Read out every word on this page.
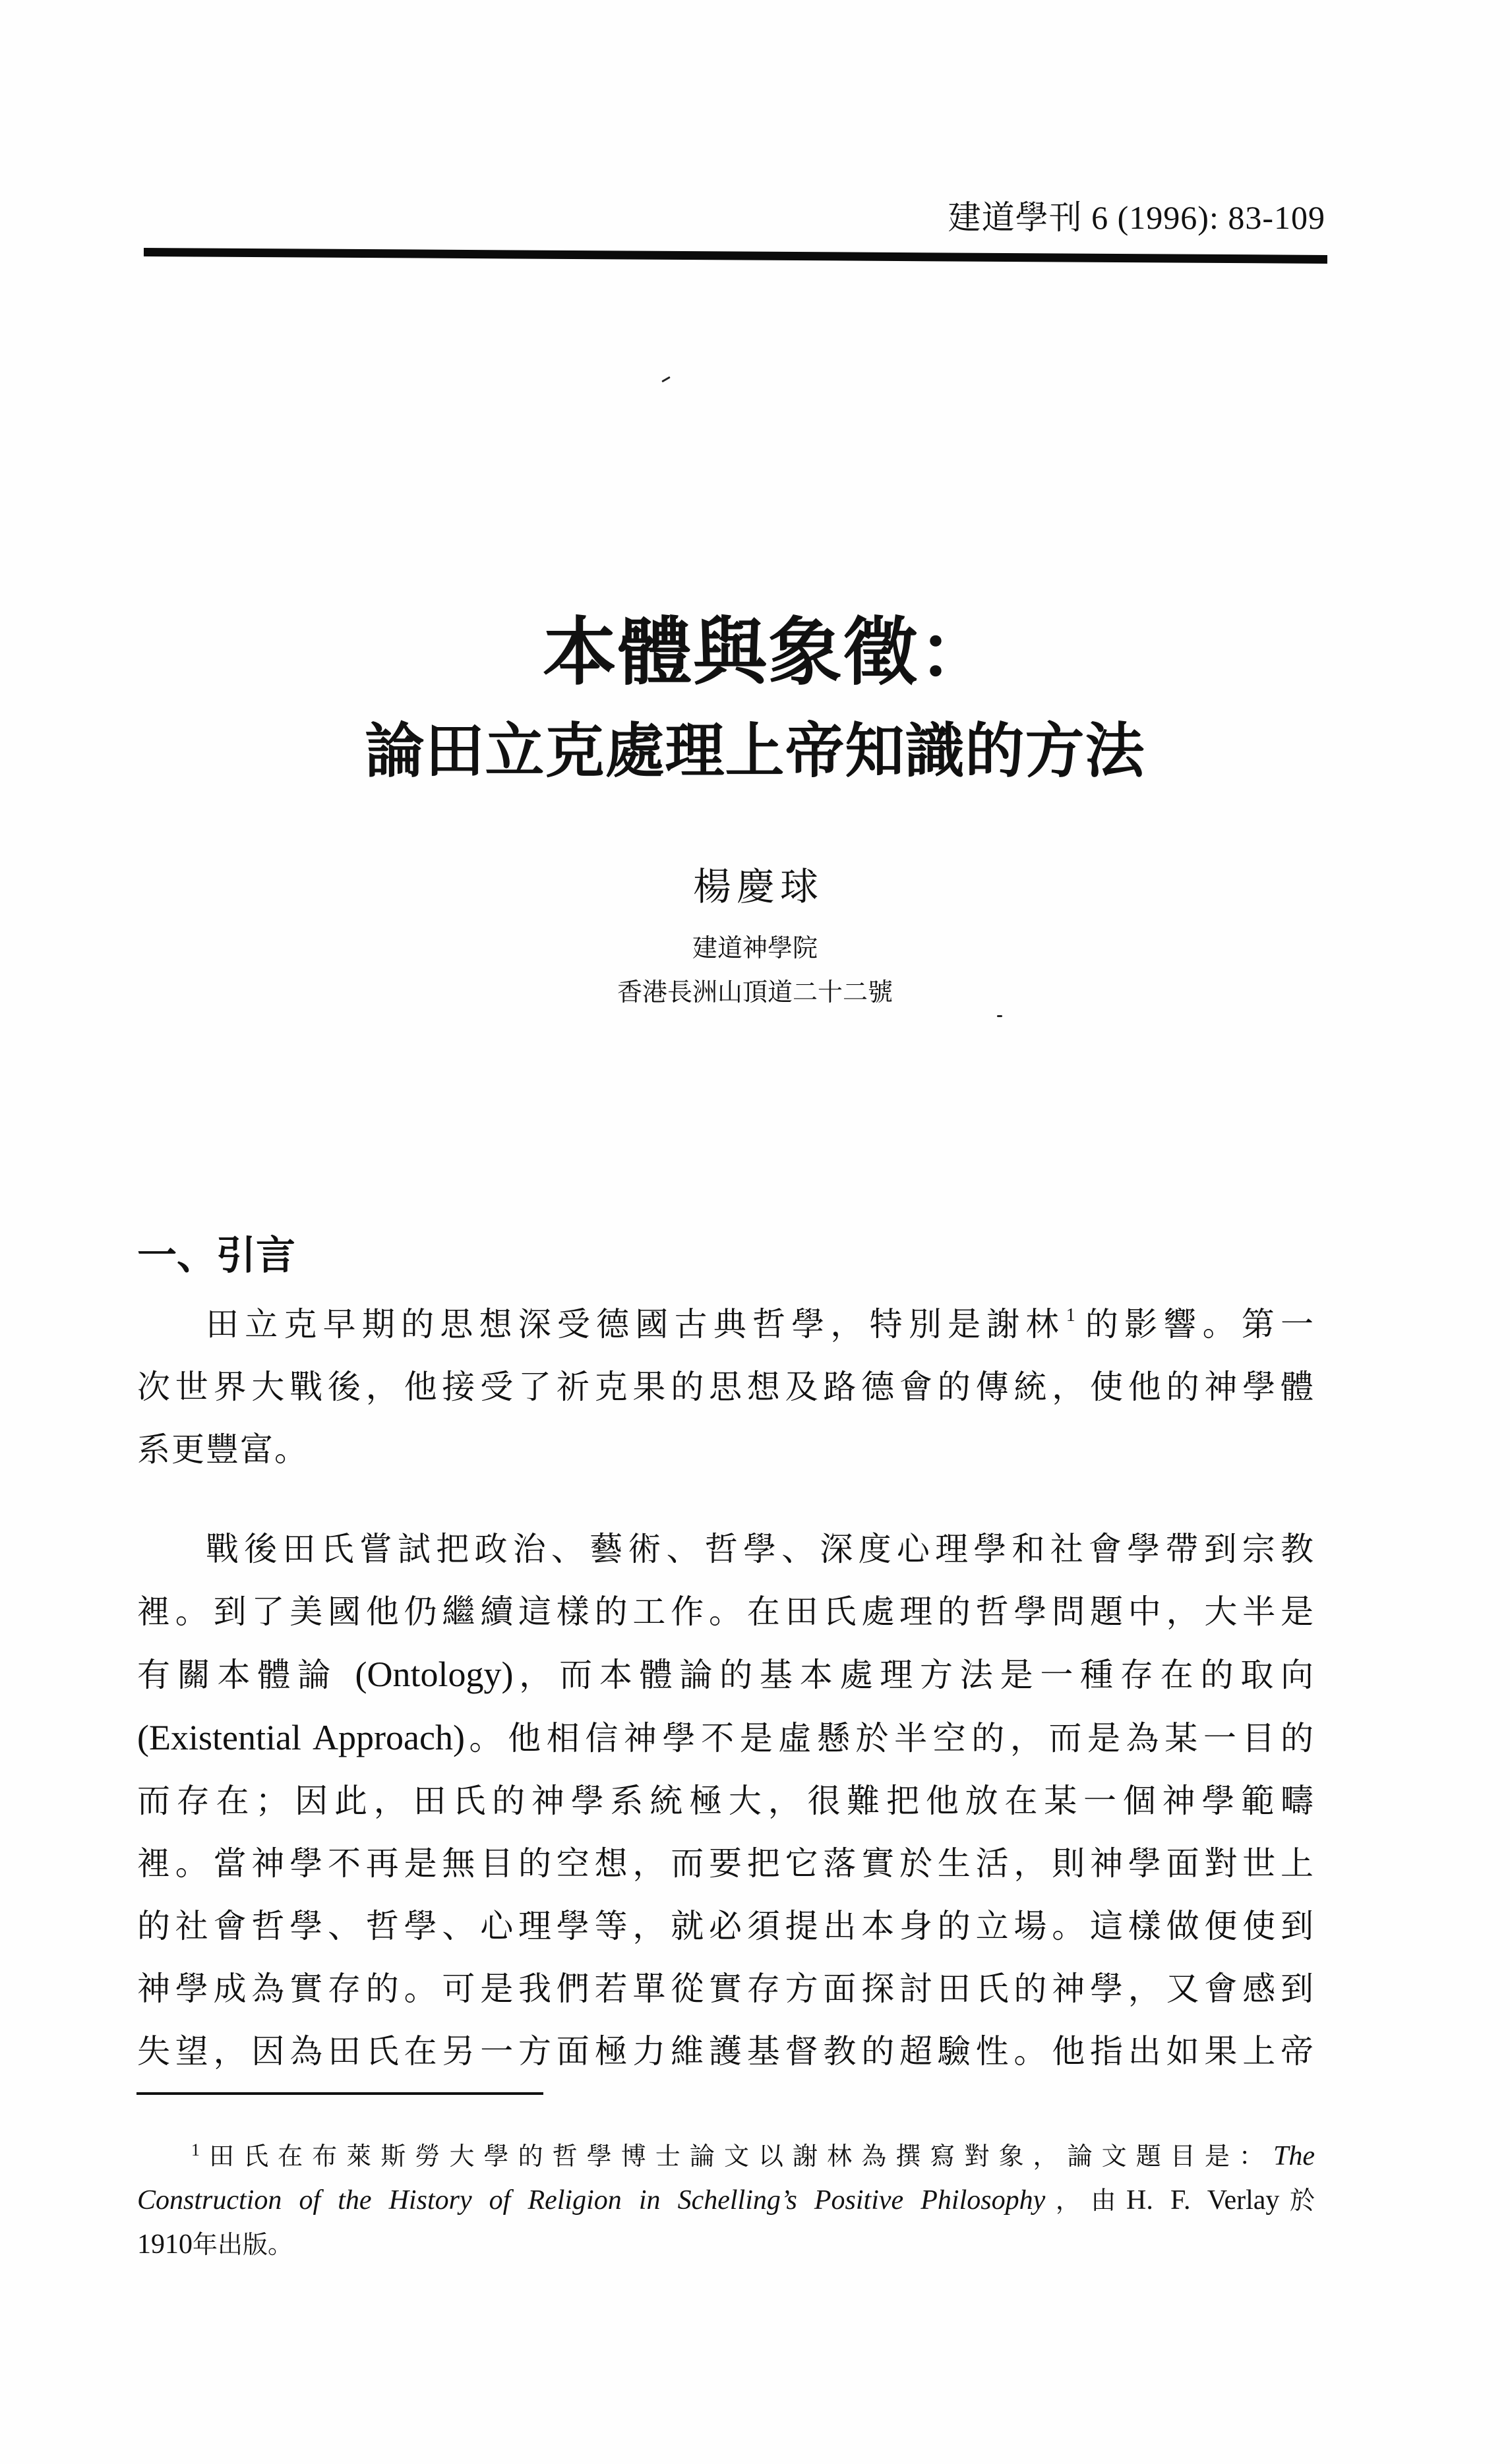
建道學刊 6 (1996): 83-109
本體與象徵：
論田立克處理上帝知識的方法
楊慶球
建道神學院
香港長洲山頂道二十二號
一、引言
田立克早期的思想深受德國古典哲學，特別是謝林$^1$ 的影響。第一
次世界大戰後，他接受了祈克果的思想及路德會的傳統，使他的神學體
系更豐富。
戰後田氏嘗試把政治、藝術、哲學、深度心理學和社會學帶到宗教
裡。到了美國他仍繼續這樣的工作。在田氏處理的哲學問題中，大半是
有關本體論 (Ontology)，而本體論的基本處理方法是一種存在的取向
(Existential Approach)。他相信神學不是虛懸於半空的，而是為某一目的
而存在；因此，田氏的神學系統極大，很難把他放在某一個神學範疇
裡。當神學不再是無目的空想，而要把它落實於生活，則神學面對世上
的社會哲學、哲學、心理學等，就必須提出本身的立場。這樣做便使到
神學成為實存的。可是我們若單從實存方面探討田氏的神學，又會感到
失望，因為田氏在另一方面極力維護基督教的超驗性。他指出如果上帝
$^1$田氏在布萊斯勞大學的哲學博士論文以謝林為撰寫對象，論文題目是：The
Construction of the History of Religion in Schelling’s Positive Philosophy，由H. F. Verlay於
1910年出版。
